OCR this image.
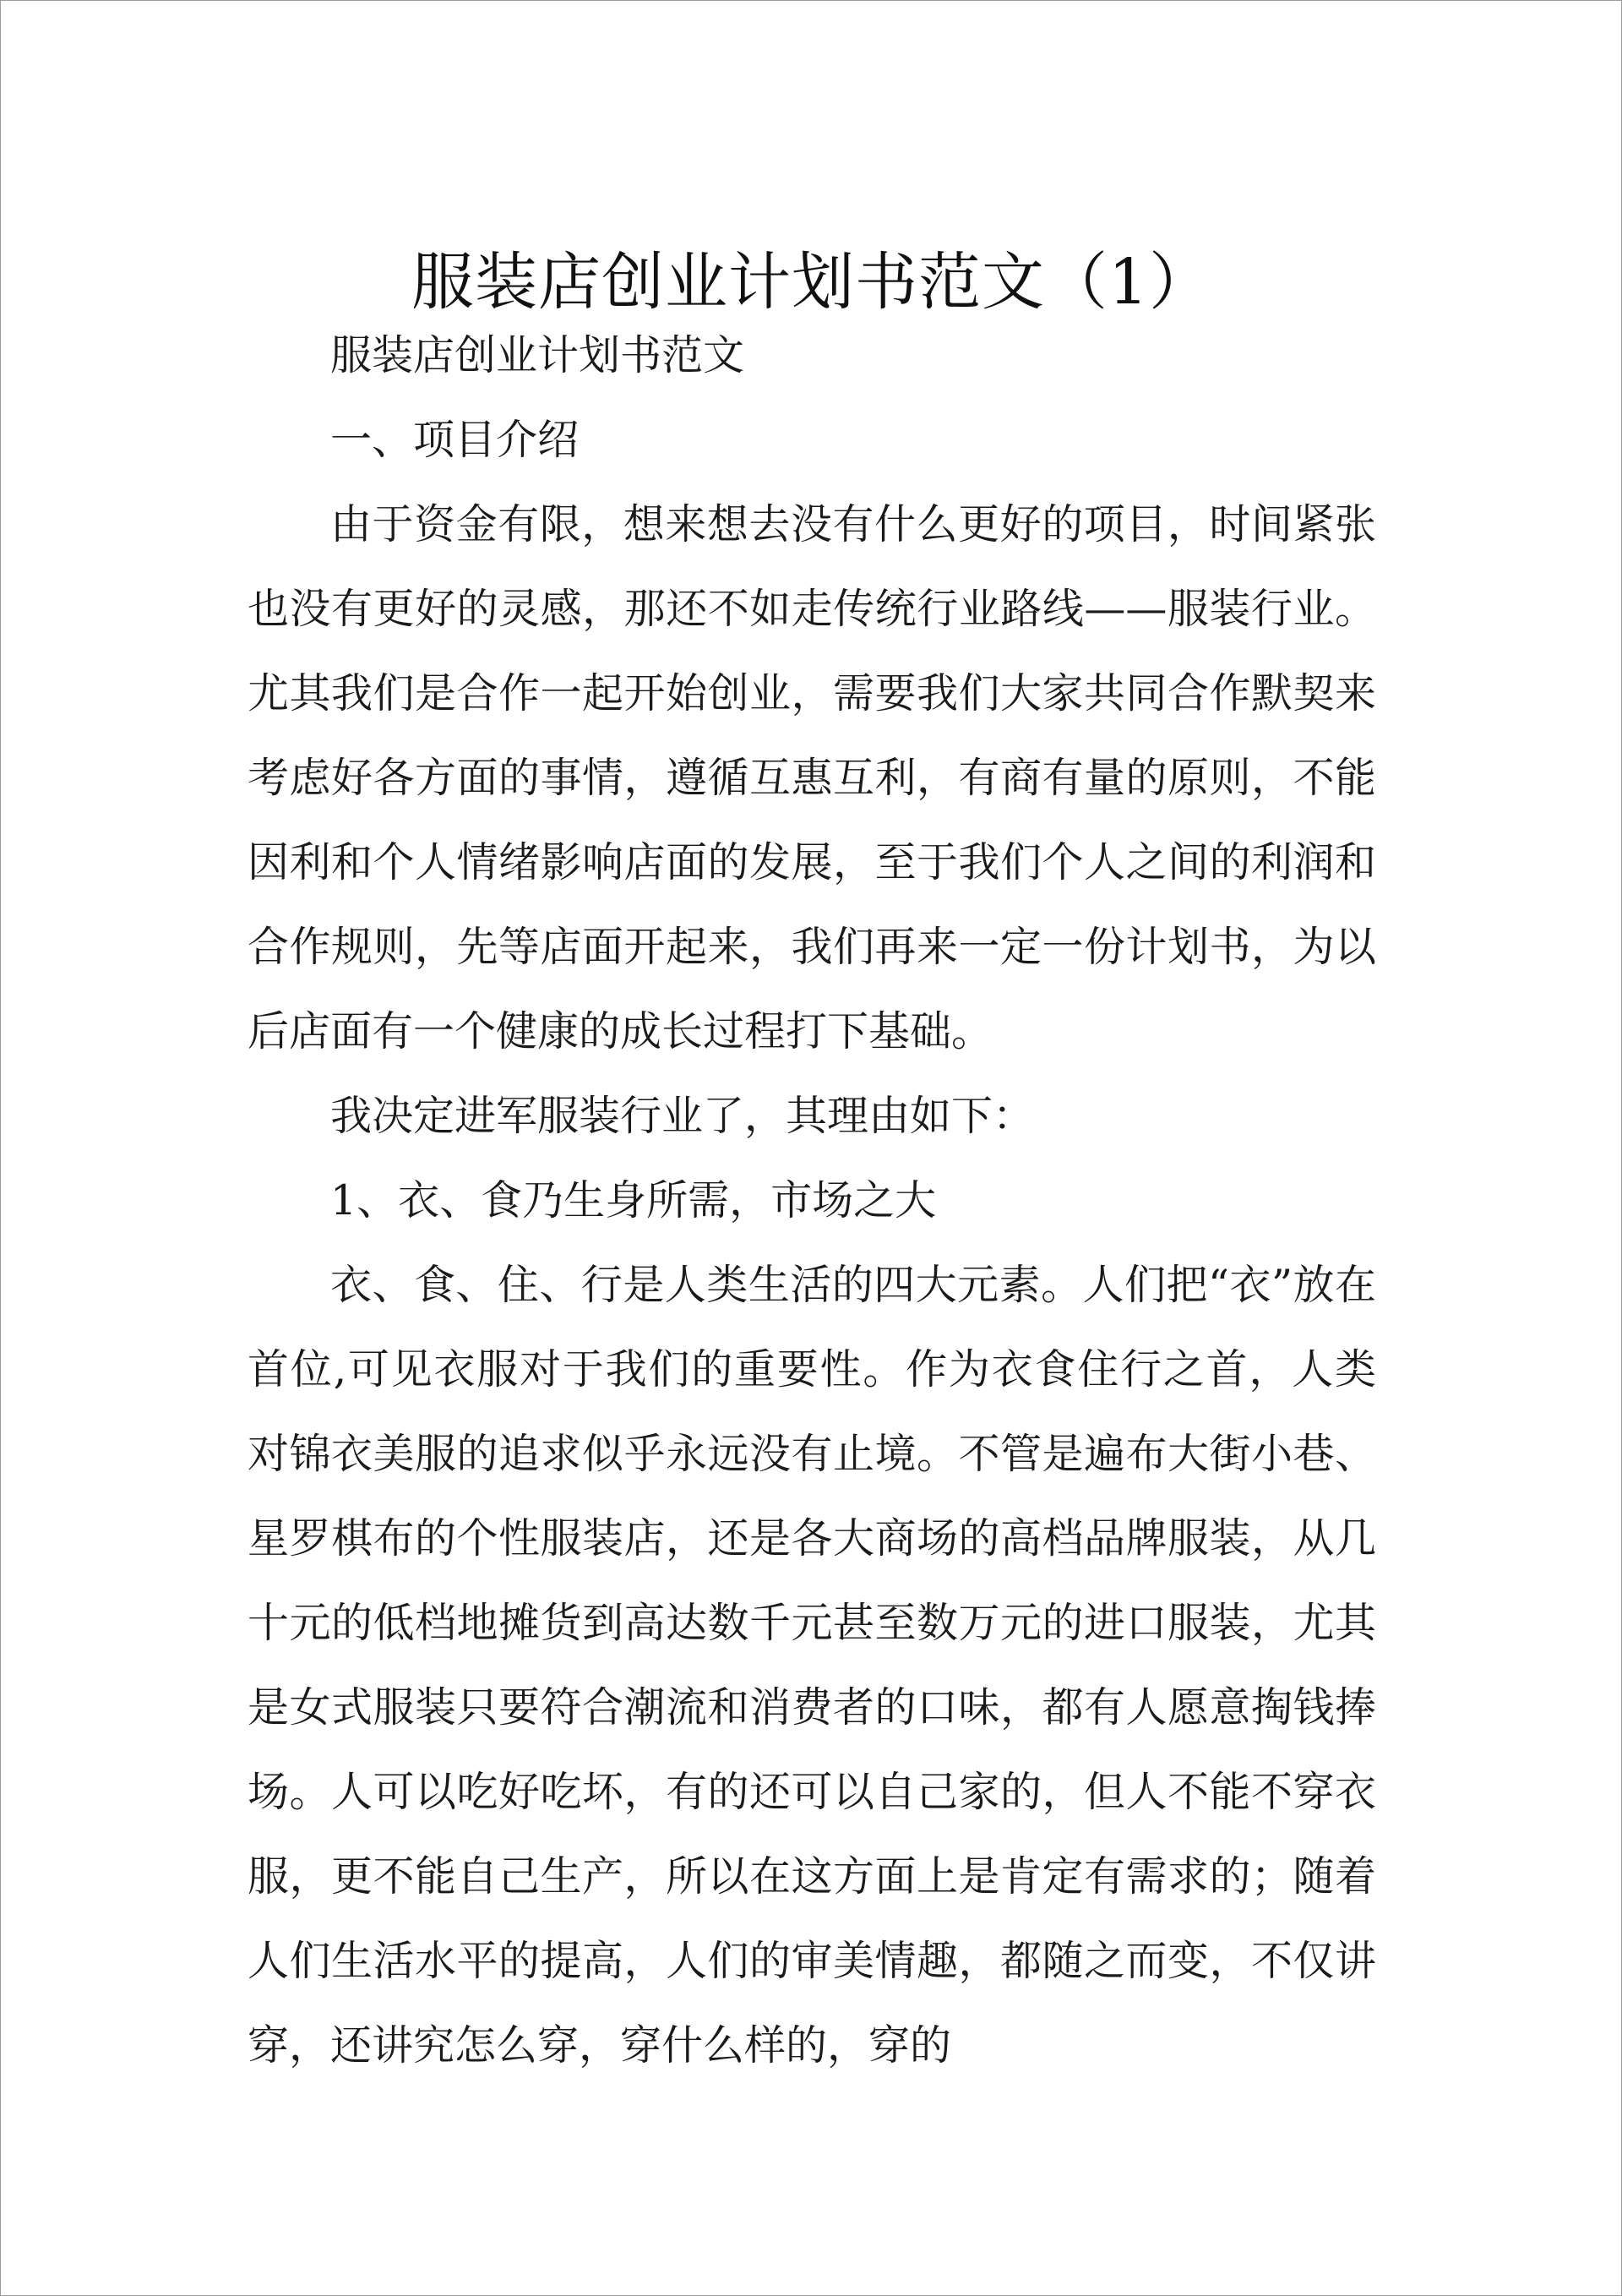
服装店创业计划书范文（1）

服装店创业计划书范文

一、项目介绍

由于资金有限，想来想去没有什么更好的项目，时间紧张也没有更好的灵感，那还不如走传统行业路线——服装行业。尤其我们是合作一起开始创业，需要我们大家共同合作默契来考虑好各方面的事情，遵循互惠互利，有商有量的原则，不能因利和个人情绪影响店面的发展，至于我们个人之间的利润和合作规则，先等店面开起来，我们再来一定一份计划书，为以后店面有一个健康的成长过程打下基础。

我决定进军服装行业了，其理由如下：

1、衣、食乃生身所需，市场之大

衣、食、住、行是人类生活的四大元素。人们把“衣”放在首位,可见衣服对于我们的重要性。作为衣食住行之首，人类对锦衣美服的追求似乎永远没有止境。不管是遍布大街小巷、星罗棋布的个性服装店，还是各大商场的高档品牌服装，从几十元的低档地摊货到高达数千元甚至数万元的进口服装，尤其是女式服装只要符合潮流和消费者的口味，都有人愿意掏钱捧场。人可以吃好吃坏，有的还可以自己家的，但人不能不穿衣服，更不能自己生产，所以在这方面上是肯定有需求的；随着人们生活水平的提高，人们的审美情趣，都随之而变，不仅讲穿，还讲究怎么穿，穿什么样的，穿的
